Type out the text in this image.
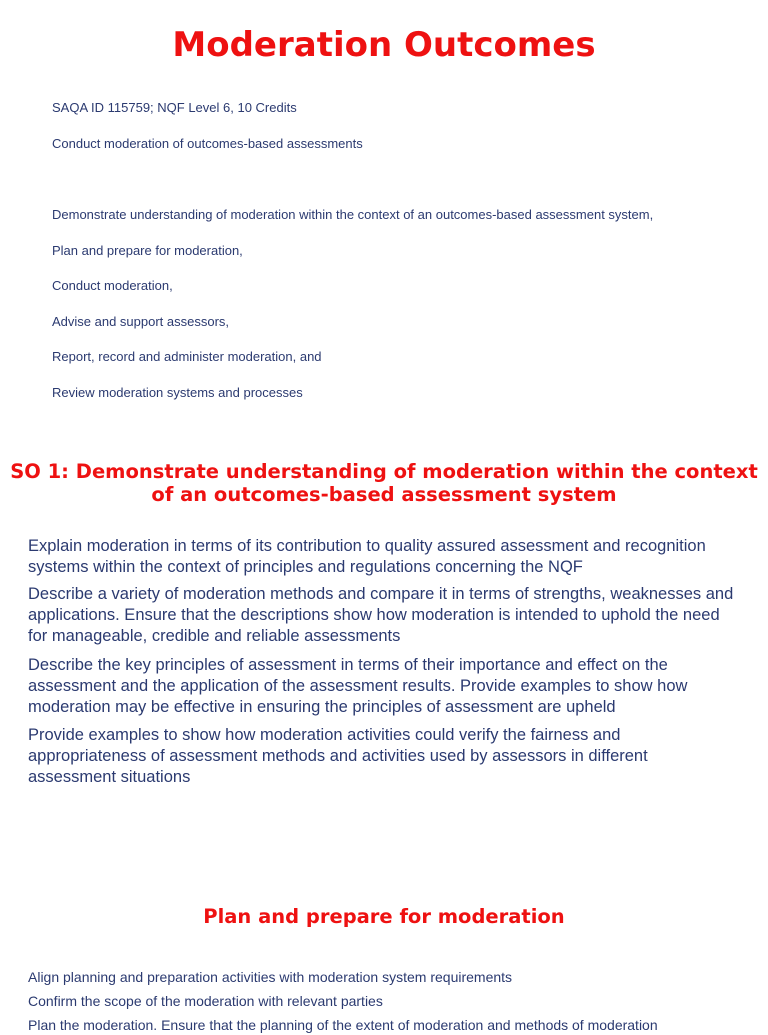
Moderation Outcomes

SAQA ID 115759; NQF Level 6, 10 Credits

Conduct moderation of outcomes-based assessments

Demonstrate understanding of moderation within the context of an outcomes-based assessment system,

Plan and prepare for moderation,

Conduct moderation,

Advise and support assessors,

Report, record and administer moderation, and

Review moderation systems and processes

SO 1: Demonstrate understanding of moderation within the context of an outcomes-based assessment system

Explain moderation in terms of its contribution to quality assured assessment and recognition systems within the context of principles and regulations concerning the NQF

Describe a variety of moderation methods and compare it in terms of strengths, weaknesses and applications. Ensure that the descriptions show how moderation is intended to uphold the need for manageable, credible and reliable assessments

Describe the key principles of assessment in terms of their importance and effect on the assessment and the application of the assessment results. Provide examples to show how moderation may be effective in ensuring the principles of assessment are upheld

Provide examples to show how moderation activities could verify the fairness and appropriateness of assessment methods and activities used by assessors in different assessment situations

Plan and prepare for moderation

Align planning and preparation activities with moderation system requirements

Confirm the scope of the moderation with relevant parties

Plan the moderation. Ensure that the planning of the extent of moderation and methods of moderation
